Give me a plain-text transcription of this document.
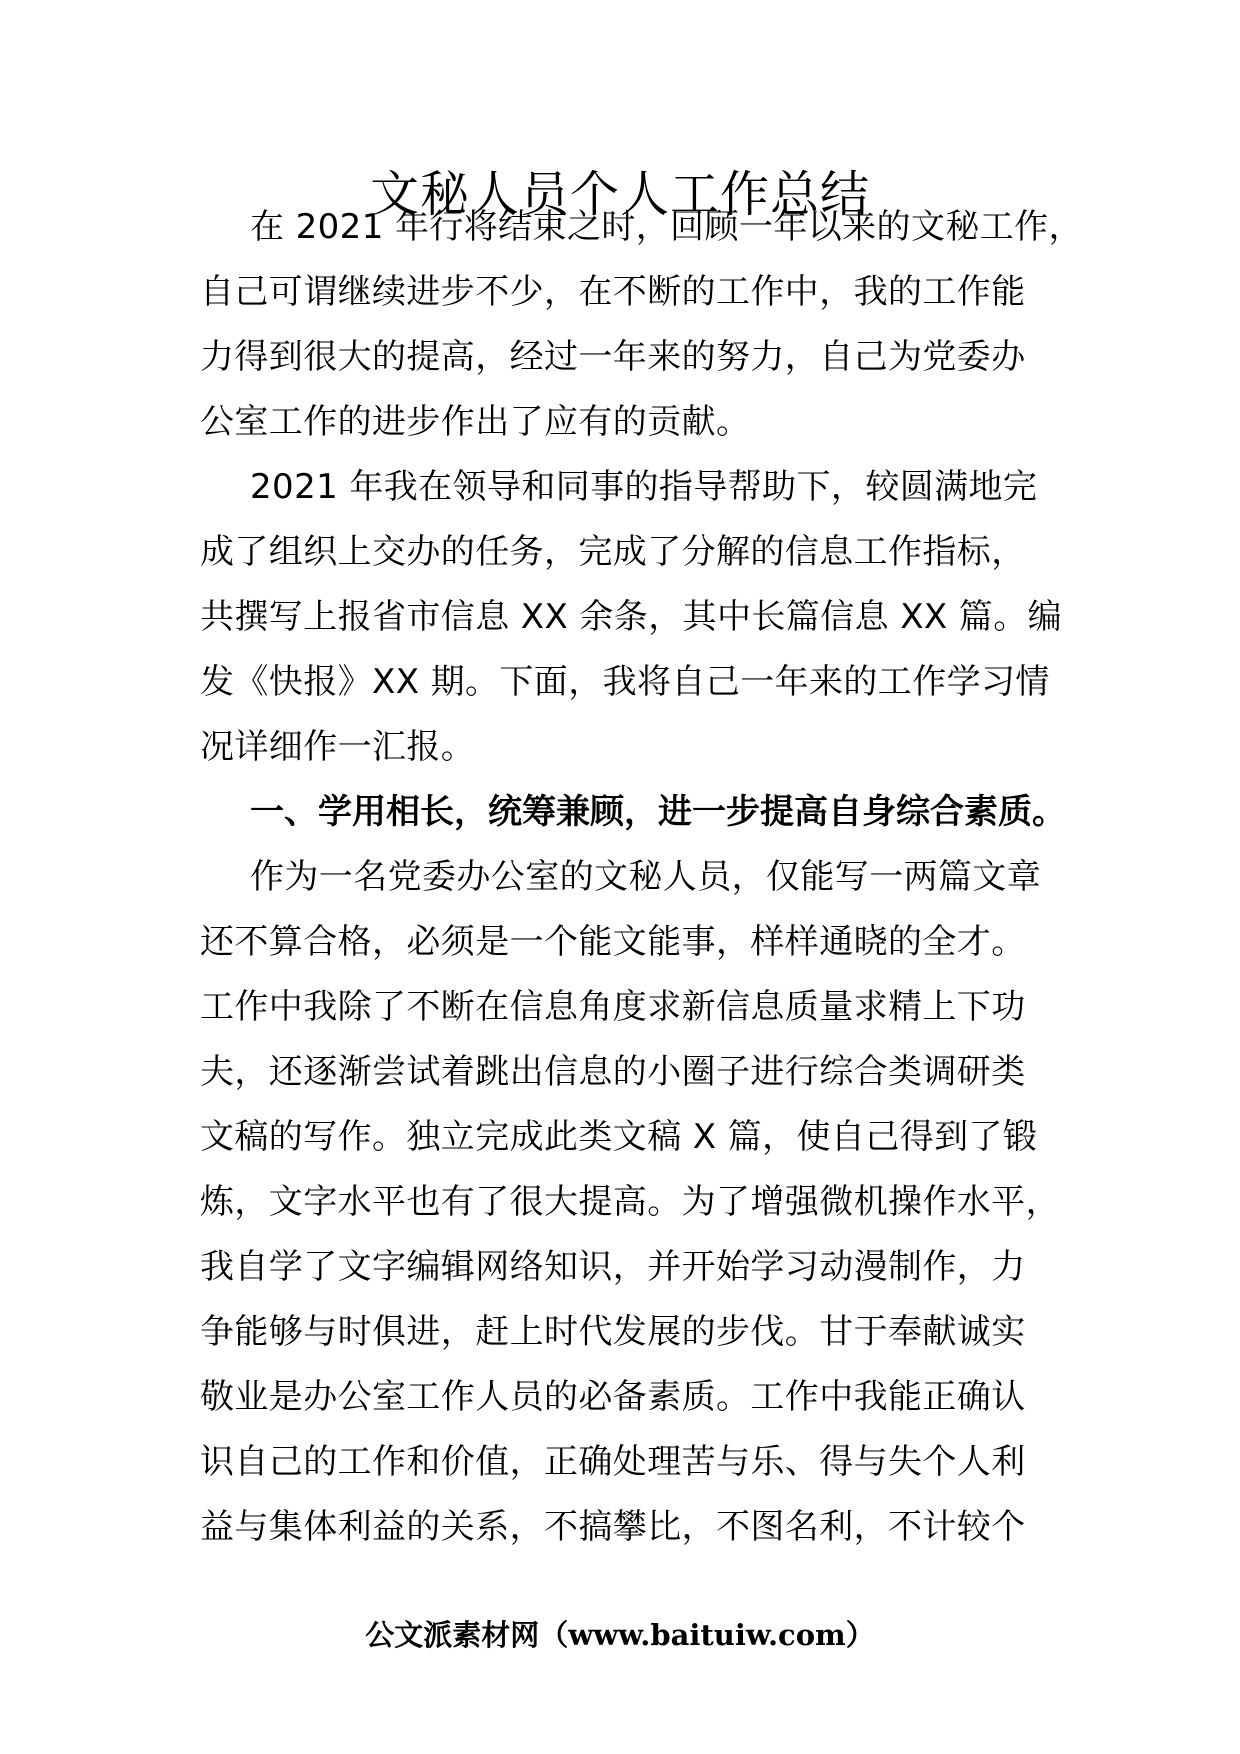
文秘人员个人工作总结
在 2021 年行将结束之时，回顾一年以来的文秘工作，
自己可谓继续进步不少，在不断的工作中，我的工作能
力得到很大的提高，经过一年来的努力，自己为党委办
公室工作的进步作出了应有的贡献。
2021 年我在领导和同事的指导帮助下，较圆满地完
成了组织上交办的任务，完成了分解的信息工作指标，
共撰写上报省市信息 XX 余条，其中长篇信息 XX 篇。编
发《快报》XX 期。下面，我将自己一年来的工作学习情
况详细作一汇报。
一、学用相长，统筹兼顾，进一步提高自身综合素质。
作为一名党委办公室的文秘人员，仅能写一两篇文章
还不算合格，必须是一个能文能事，样样通晓的全才。
工作中我除了不断在信息角度求新信息质量求精上下功
夫，还逐渐尝试着跳出信息的小圈子进行综合类调研类
文稿的写作。独立完成此类文稿 X 篇，使自己得到了锻
炼，文字水平也有了很大提高。为了增强微机操作水平，
我自学了文字编辑网络知识，并开始学习动漫制作，力
争能够与时俱进，赶上时代发展的步伐。甘于奉献诚实
敬业是办公室工作人员的必备素质。工作中我能正确认
识自己的工作和价值，正确处理苦与乐、得与失个人利
益与集体利益的关系，不搞攀比，不图名利，不计较个
公文派素材网（www.baituiw.com）
